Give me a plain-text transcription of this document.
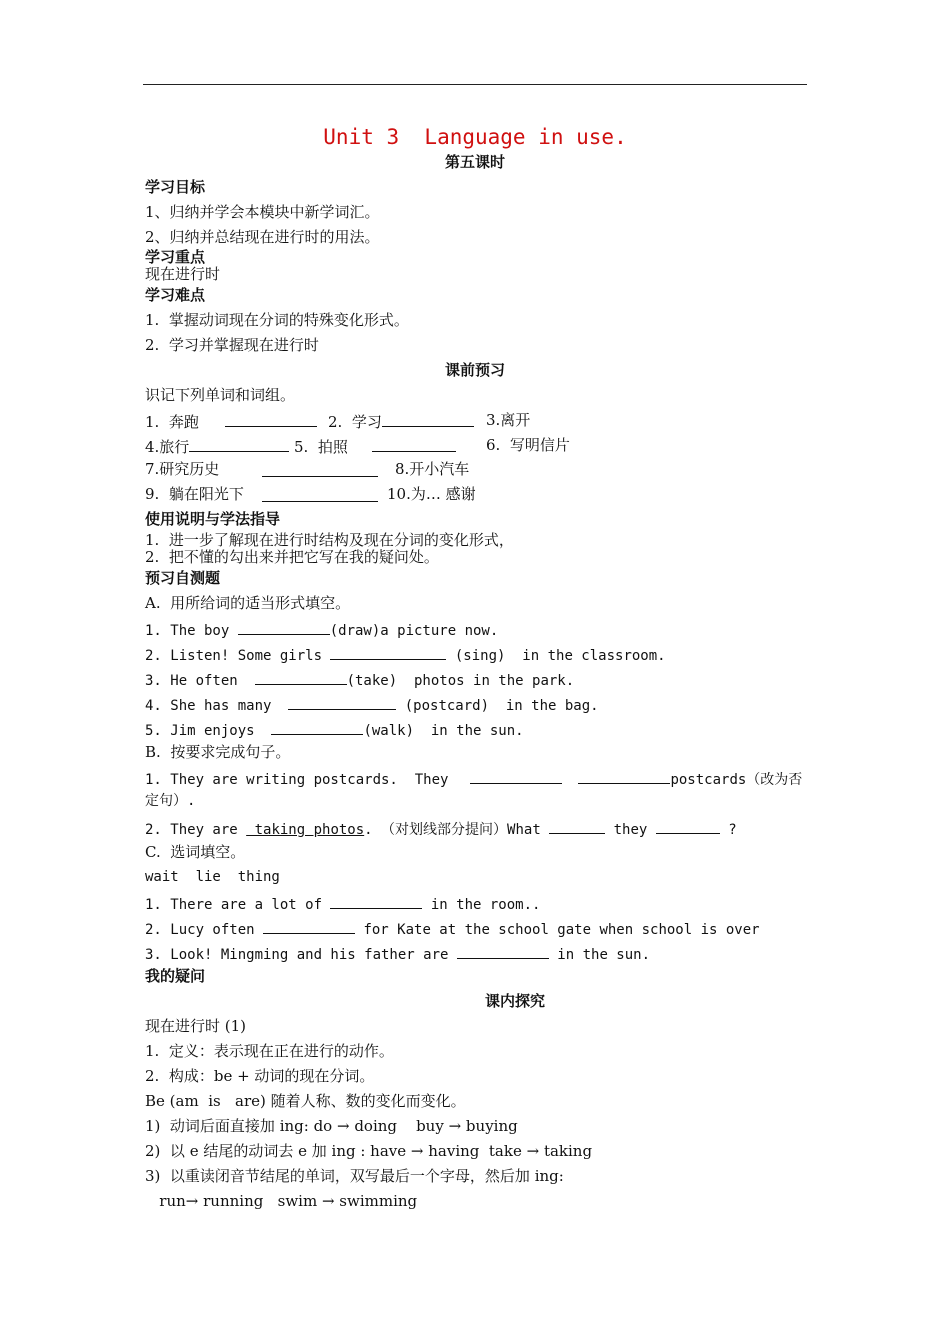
Unit 3  Language in use.
第五课时
学习目标
1、归纳并学会本模块中新学词汇。
2、归纳并总结现在进行时的用法。
学习重点
现在进行时
学习难点
1.  掌握动词现在分词的特殊变化形式。
2.  学习并掌握现在进行时
课前预习
识记下列单词和词组。
1.  奔跑	2.  学习	3.离开
4.旅行	5.  拍照	6.  写明信片
7.研究历史	8.开小汽车
9.  躺在阳光下	10.为… 感谢
使用说明与学法指导
1.  进一步了解现在进行时结构及现在分词的变化形式，
2.  把不懂的勾出来并把它写在我的疑问处。
预习自测题
A.  用所给词的适当形式填空。
1. The boy	(draw)a picture now.
2. Listen! Some girls	(sing)  in the classroom.
3. He often	(take)  photos in the park.
4. She has many	(postcard)  in the bag.
5. Jim enjoys	(walk)  in the sun.
B.  按要求完成句子。
1. They are writing postcards.  They	postcards（改为否
定句）.
2. They are  taking photos. （对划线部分提问）What	they	?
C.  选词填空。
wait  lie  thing
1. There are a lot of	in the room..
2. Lucy often	for Kate at the school gate when school is over
3. Look! Mingming and his father are	in the sun.
我的疑问
课内探究
现在进行时 (1)
1.  定义：表示现在正在进行的动作。
2.  构成：be + 动词的现在分词。
Be (am  is   are) 随着人称、数的变化而变化。
1)  动词后面直接加 ing: do → doing    buy → buying
2)  以 e 结尾的动词去 e 加 ing : have → having  take → taking
3)  以重读闭音节结尾的单词，双写最后一个字母，然后加 ing:
run→ running   swim → swimming
